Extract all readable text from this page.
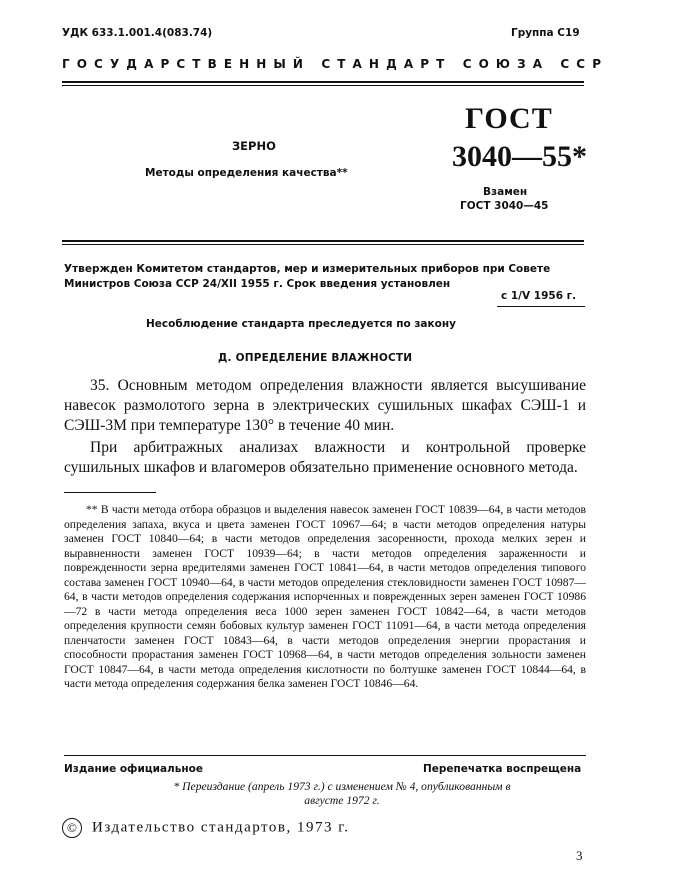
УДК 633.1.001.4(083.74)	Группа С19
ГОСУДАРСТВЕННЫЙ СТАНДАРТ СОЮЗА ССР
ГОСТ
3040—55*
ЗЕРНО
Методы определения качества**
Взамен
ГОСТ 3040—45
Утвержден Комитетом стандартов, мер и измерительных приборов при Совете Министров Союза ССР 24/XII 1955 г. Срок введения установлен
с 1/V 1956 г.
Несоблюдение стандарта преследуется по закону
Д. ОПРЕДЕЛЕНИЕ ВЛАЖНОСТИ
35. Основным методом определения влажности является высушивание навесок размолотого зерна в электрических сушильных шкафах СЭШ-1 и СЭШ-3М при температуре 130° в течение 40 мин.
При арбитражных анализах влажности и контрольной проверке сушильных шкафов и влагомеров обязательно применение основного метода.
** В части метода отбора образцов и выделения навесок заменен ГОСТ 10839—64, в части методов определения запаха, вкуса и цвета заменен ГОСТ 10967—64; в части методов определения натуры заменен ГОСТ 10840—64; в части методов определения засоренности, прохода мелких зерен и выравненности заменен ГОСТ 10939—64; в части методов определения зараженности и поврежденности зерна вредителями заменен ГОСТ 10841—64, в части методов определения типового состава заменен ГОСТ 10940—64, в части методов определения стекловидности заменен ГОСТ 10987—64, в части методов определения содержания испорченных и поврежденных зерен заменен ГОСТ 10986—72 в части метода определения веса 1000 зерен заменен ГОСТ 10842—64, в части методов определения крупности семян бобовых культур заменен ГОСТ 11091—64, в части метода определения пленчатости заменен ГОСТ 10843—64, в части методов определения энергии прорастания и способности прорастания заменен ГОСТ 10968—64, в части методов определения зольности заменен ГОСТ 10847—64, в части метода определения кислотности по болтушке заменен ГОСТ 10844—64, в части метода определения содержания белка заменен ГОСТ 10846—64.
Издание официальное	Перепечатка воспрещена
* Переиздание (апрель 1973 г.) с изменением № 4, опубликованным в августе 1972 г.
© Издательство стандартов, 1973 г.
3
